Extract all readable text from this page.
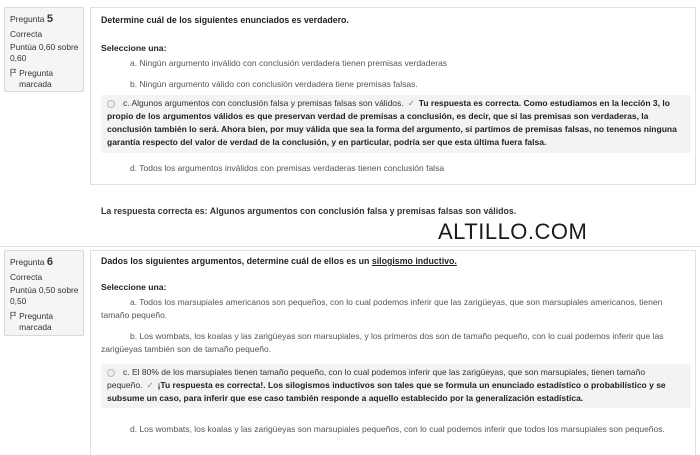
Pregunta 5
Correcta
Puntúa 0,60 sobre 0,60
Pregunta marcada
Determine cuál de los siguientes enunciados es verdadero.
Seleccione una:
a. Ningún argumento inválido con conclusión verdadera tienen premisas verdaderas
b. Ningún argumento válido con conclusión verdadera tiene premisas falsas.
c. Algunos argumentos con conclusión falsa y premisas falsas son válidos. ✓ Tu respuesta es correcta. Como estudiamos en la lección 3, lo propio de los argumentos válidos es que preservan verdad de premisas a conclusión, es decir, que si las premisas son verdaderas, la conclusión también lo será. Ahora bien, por muy válida que sea la forma del argumento, si partimos de premisas falsas, no tenemos ninguna garantía respecto del valor de verdad de la conclusión, y en particular, podría ser que esta última fuera falsa.
d. Todos los argumentos inválidos con premisas verdaderas tienen conclusión falsa
La respuesta correcta es: Algunos argumentos con conclusión falsa y premisas falsas son válidos.
ALTILLO.COM
Pregunta 6
Correcta
Puntúa 0,50 sobre 0,50
Pregunta marcada
Dados los siguientes argumentos, determine cuál de ellos es un silogismo inductivo.
Seleccione una:
a. Todos los marsupiales americanos son pequeños, con lo cual podemos inferir que las zarigüeyas, que son marsupiales americanos, tienen tamaño pequeño.
b. Los wombats, los koalas y las zarigüeyas son marsupiales, y los primeros dos son de tamaño pequeño, con lo cual podemos inferir que las zarigüeyas también son de tamaño pequeño.
c. El 80% de los marsupiales tienen tamaño pequeño, con lo cual podemos inferir que las zarigüeyas, que son marsupiales, tienen tamaño pequeño. ✓ ¡Tu respuesta es correcta!. Los silogismos inductivos son tales que se formula un enunciado estadístico o probabilístico y se subsume un caso, para inferir que ese caso también responde a aquello establecido por la generalización estadística.
d. Los wombats, los koalas y las zarigüeyas son marsupiales pequeños, con lo cual podemos inferir que todos los marsupiales son pequeños.
